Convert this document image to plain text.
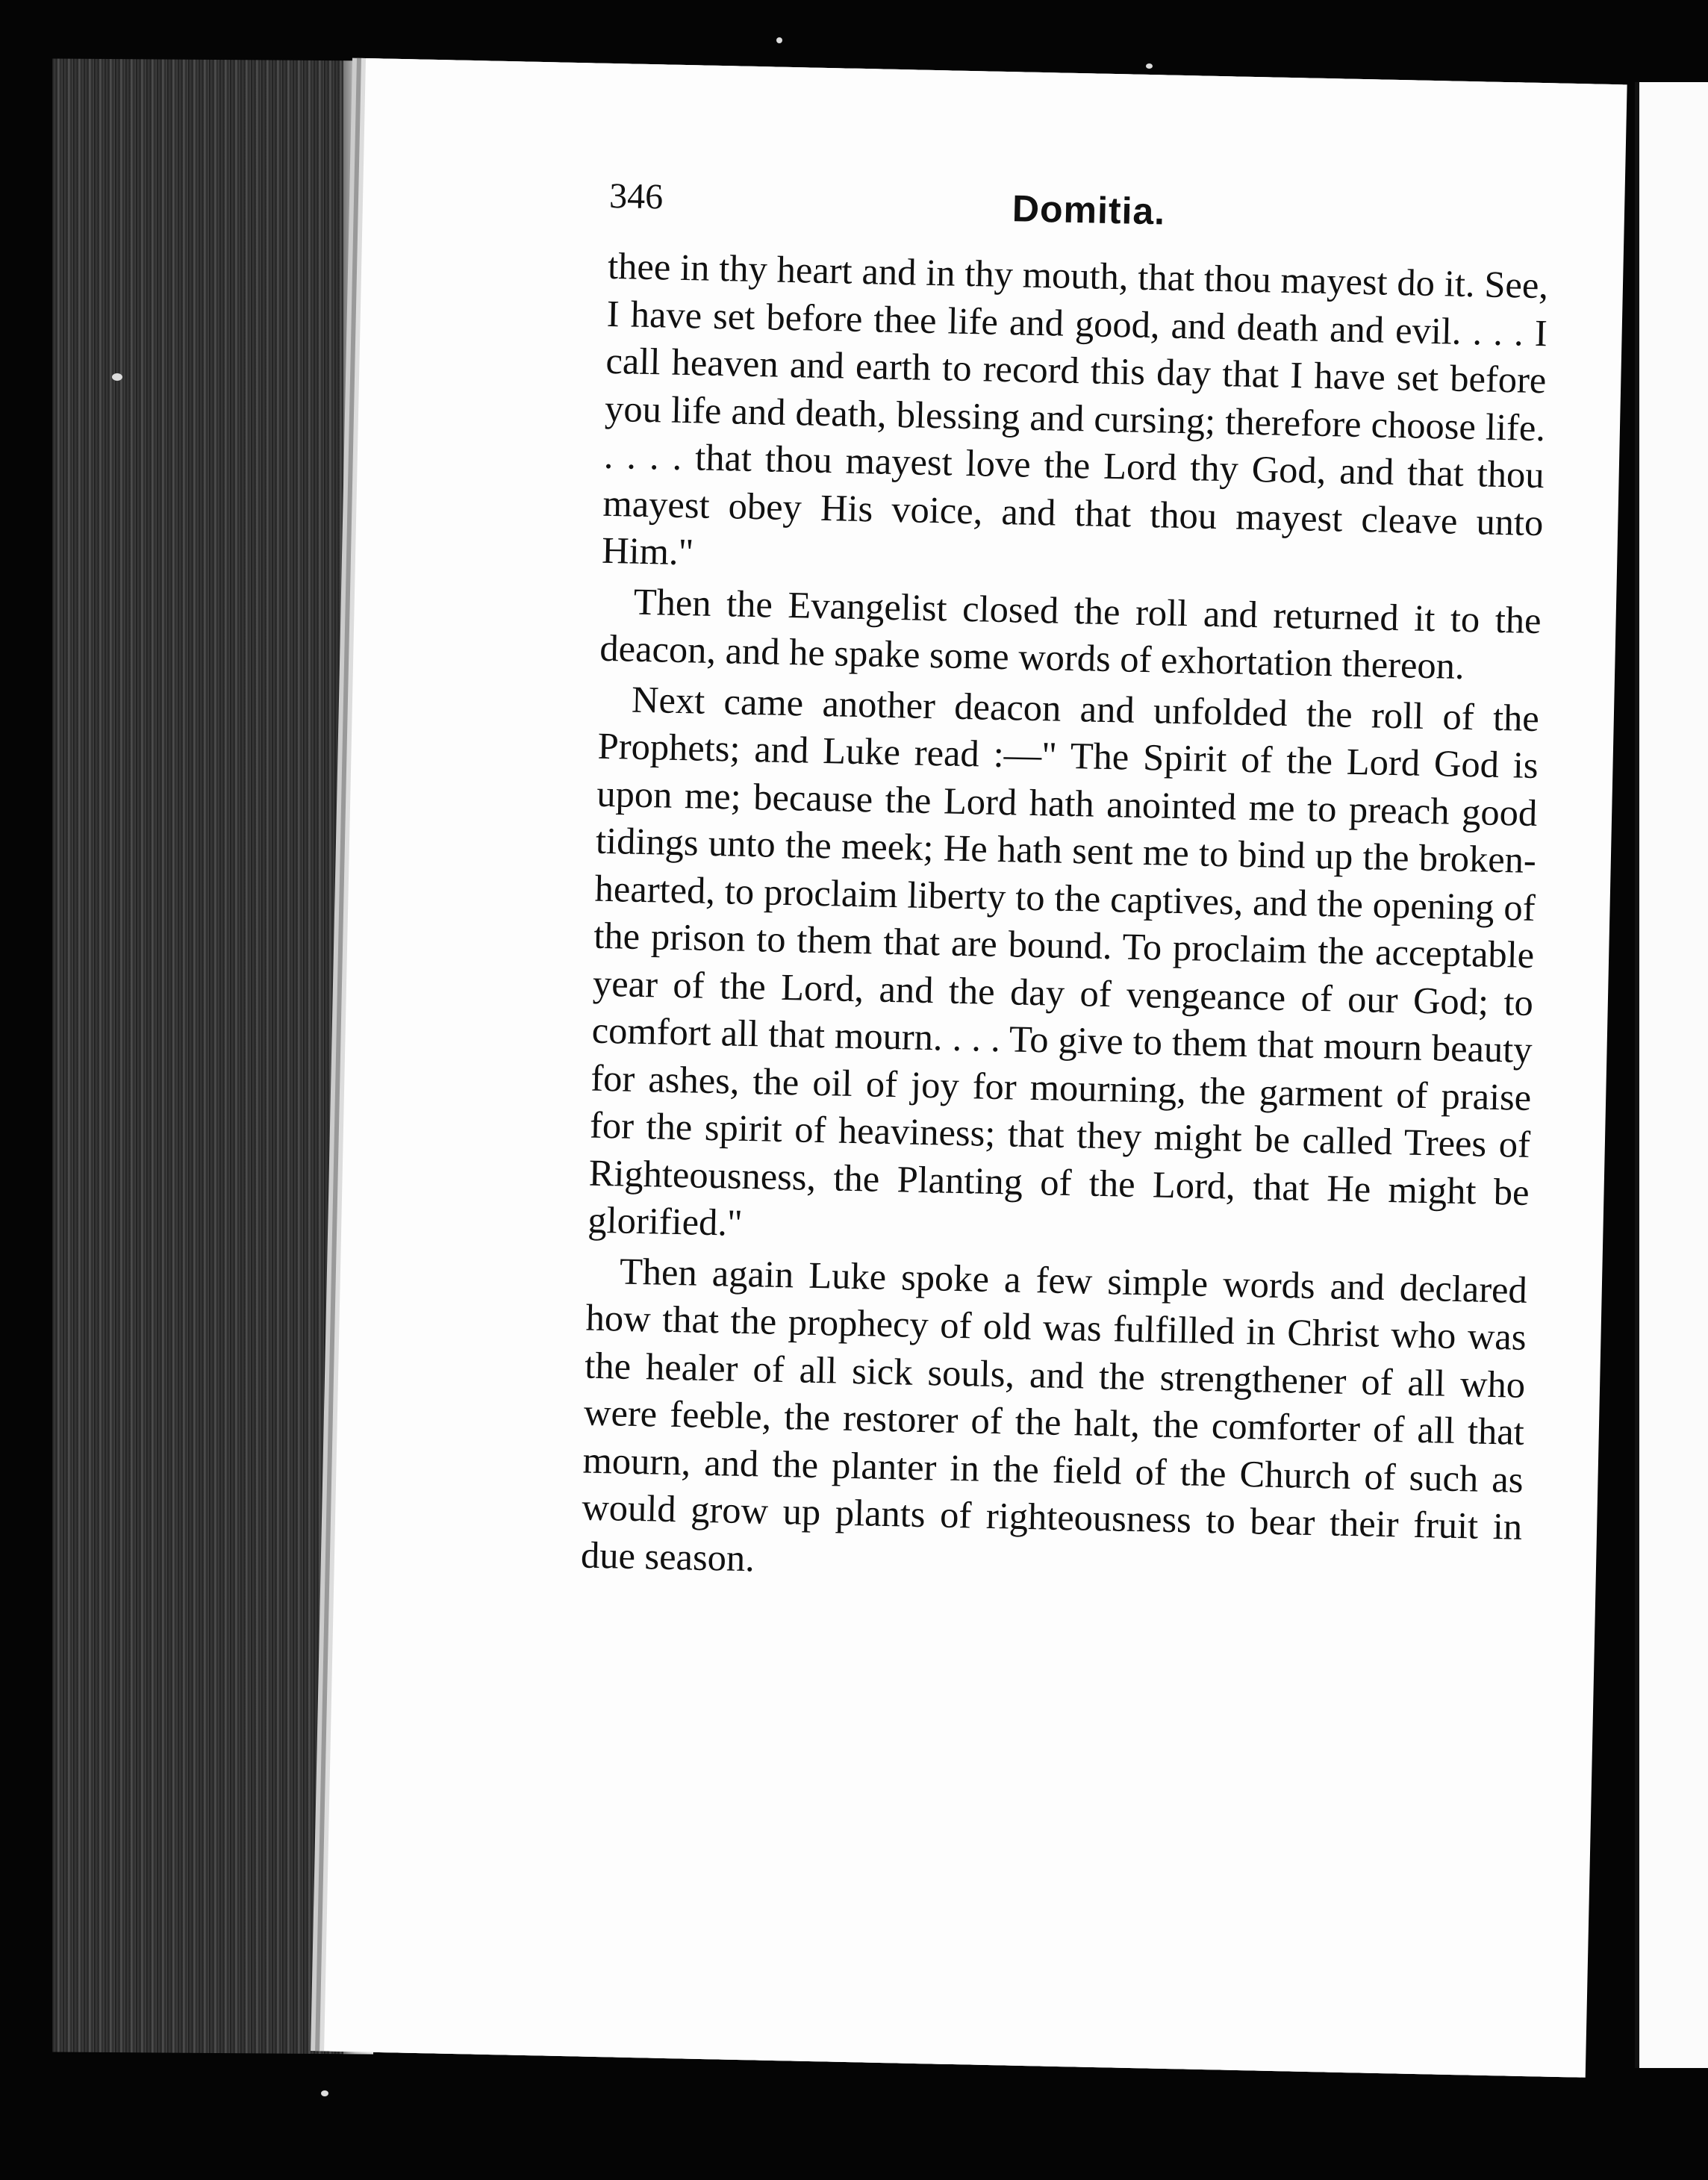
346	Domitia.

thee in thy heart and in thy mouth, that thou mayest do it. See, I have set before thee life and good, and death and evil. . . . I call heaven and earth to record this day that I have set before you life and death, blessing and cursing; therefore choose life. . . . . that thou mayest love the Lord thy God, and that thou mayest obey His voice, and that thou mayest cleave unto Him."

Then the Evangelist closed the roll and returned it to the deacon, and he spake some words of exhortation thereon.

Next came another deacon and unfolded the roll of the Prophets; and Luke read :—" The Spirit of the Lord God is upon me; because the Lord hath anointed me to preach good tidings unto the meek; He hath sent me to bind up the broken-hearted, to proclaim liberty to the captives, and the opening of the prison to them that are bound. To proclaim the acceptable year of the Lord, and the day of vengeance of our God; to comfort all that mourn. . . . To give to them that mourn beauty for ashes, the oil of joy for mourning, the garment of praise for the spirit of heaviness; that they might be called Trees of Righteousness, the Planting of the Lord, that He might be glorified."

Then again Luke spoke a few simple words and declared how that the prophecy of old was fulfilled in Christ who was the healer of all sick souls, and the strengthener of all who were feeble, the restorer of the halt, the comforter of all that mourn, and the planter in the field of the Church of such as would grow up plants of righteousness to bear their fruit in due season.
